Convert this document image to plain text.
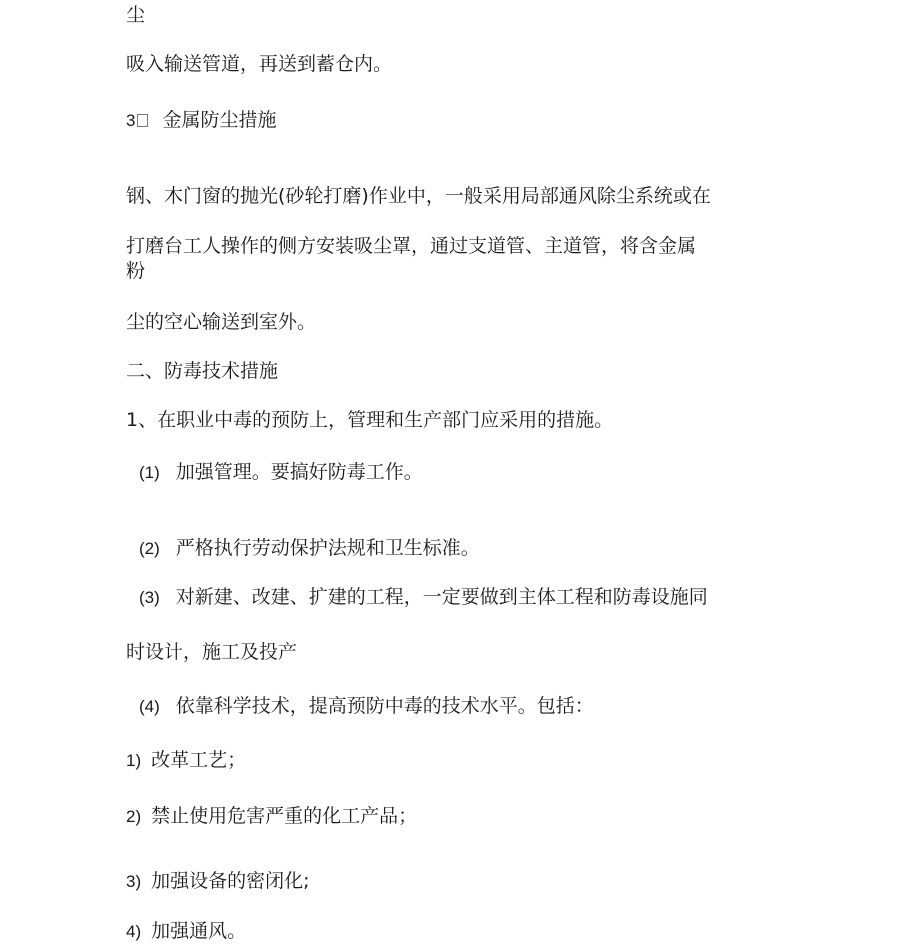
尘
吸入输送管道，再送到蓄仓内。
3 金属防尘措施
钢、木门窗的抛光(砂轮打磨)作业中，一般采用局部通风除尘系统或在
打磨台工人操作的侧方安装吸尘罩，通过支道管、主道管，将含金属
粉
尘的空心输送到室外。
二、防毒技术措施
1、在职业中毒的预防上，管理和生产部门应采用的措施。
(1) 加强管理。要搞好防毒工作。
(2) 严格执行劳动保护法规和卫生标准。
(3) 对新建、改建、扩建的工程，一定要做到主体工程和防毒设施同
时设计，施工及投产
(4) 依靠科学技术，提高预防中毒的技术水平。包括：
1) 改革工艺；
2) 禁止使用危害严重的化工产品；
3) 加强设备的密闭化;
4) 加强通风。
